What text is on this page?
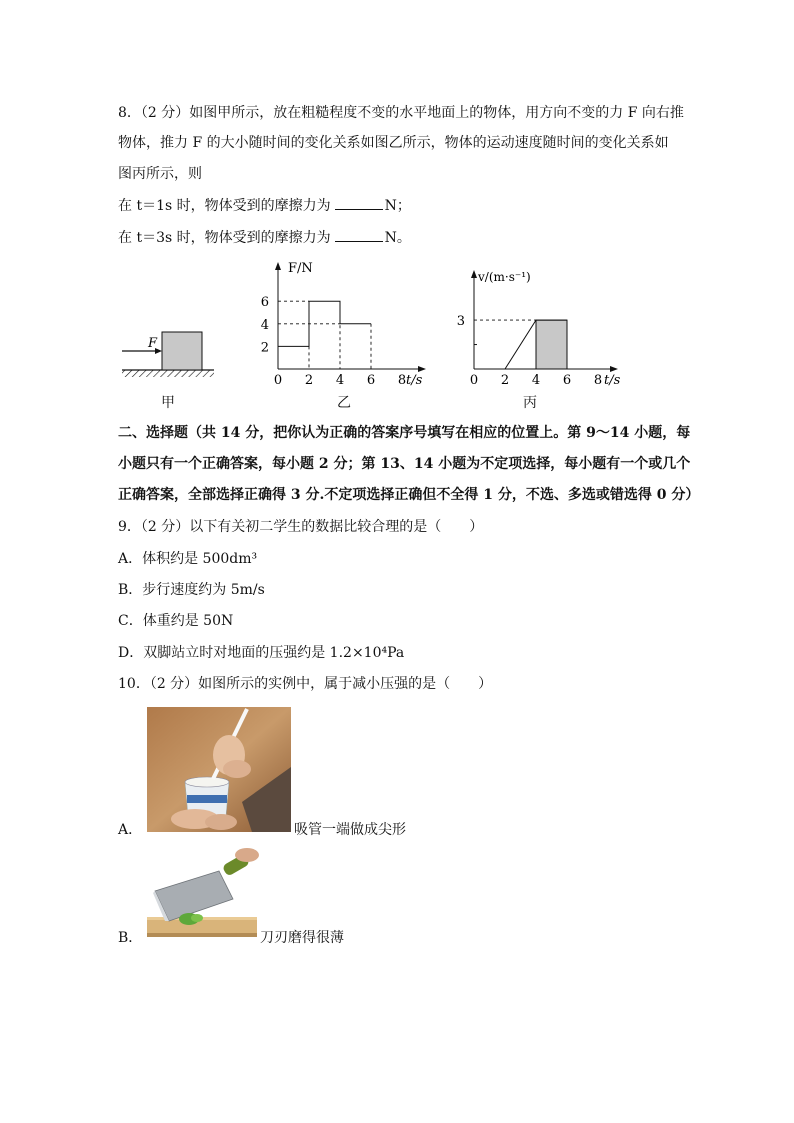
8．（2 分）如图甲所示，放在粗糙程度不变的水平地面上的物体，用方向不变的力 F 向右推
物体，推力 F 的大小随时间的变化关系如图乙所示，物体的运动速度随时间的变化关系如
图丙所示，则
在 t＝1s 时，物体受到的摩擦力为	N；
在 t＝3s 时，物体受到的摩擦力为	N。
F
甲
F/N
t/s
2
4
6
0 2 4 6 8
乙
v/(m·s⁻¹)
t/s
3
0 2 4 6 8
丙
二、选择题（共 14 分，把你认为正确的答案序号填写在相应的位置上。第 9～14 小题，每
小题只有一个正确答案，每小题 2 分；第 13、14 小题为不定项选择，每小题有一个或几个
正确答案，全部选择正确得 3 分.不定项选择正确但不全得 1 分，不选、多选或错选得 0 分）
9．（2 分）以下有关初二学生的数据比较合理的是（　　）
A．体积约是 500dm³
B．步行速度约为 5m/s
C．体重约是 50N
D．双脚站立时对地面的压强约是 1.2×10⁴Pa
10．（2 分）如图所示的实例中，属于减小压强的是（　　）
A．	吸管一端做成尖形
B．	刀刃磨得很薄
